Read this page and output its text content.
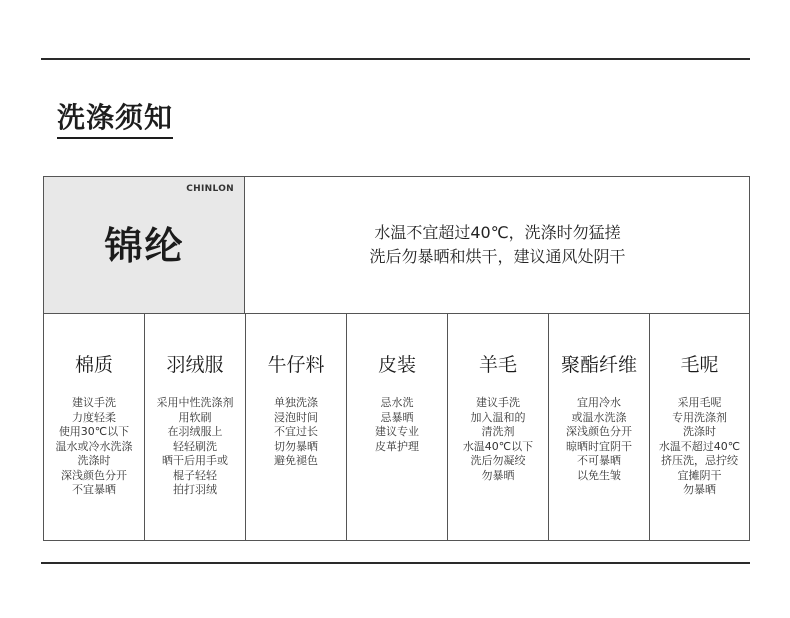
洗涤须知
CHINLON
锦纶	水温不宜超过40℃，洗涤时勿猛搓
洗后勿暴晒和烘干，建议通风处阴干
棉质
建议手洗
力度轻柔
使用30℃以下
温水或冷水洗涤
洗涤时
深浅颜色分开
不宜暴晒
羽绒服
采用中性洗涤剂
用软刷
在羽绒服上
轻轻刷洗
晒干后用手或
棍子轻轻
拍打羽绒
牛仔料
单独洗涤
浸泡时间
不宜过长
切勿暴晒
避免褪色
皮装
忌水洗
忌暴晒
建议专业
皮革护理
羊毛
建议手洗
加入温和的
清洗剂
水温40℃以下
洗后勿凝绞
勿暴晒
聚酯纤维
宜用冷水
或温水洗涤
深浅颜色分开
晾晒时宜阴干
不可暴晒
以免生皱
毛呢
采用毛呢
专用洗涤剂
洗涤时
水温不超过40℃
挤压洗，忌拧绞
宜摊阴干
勿暴晒
